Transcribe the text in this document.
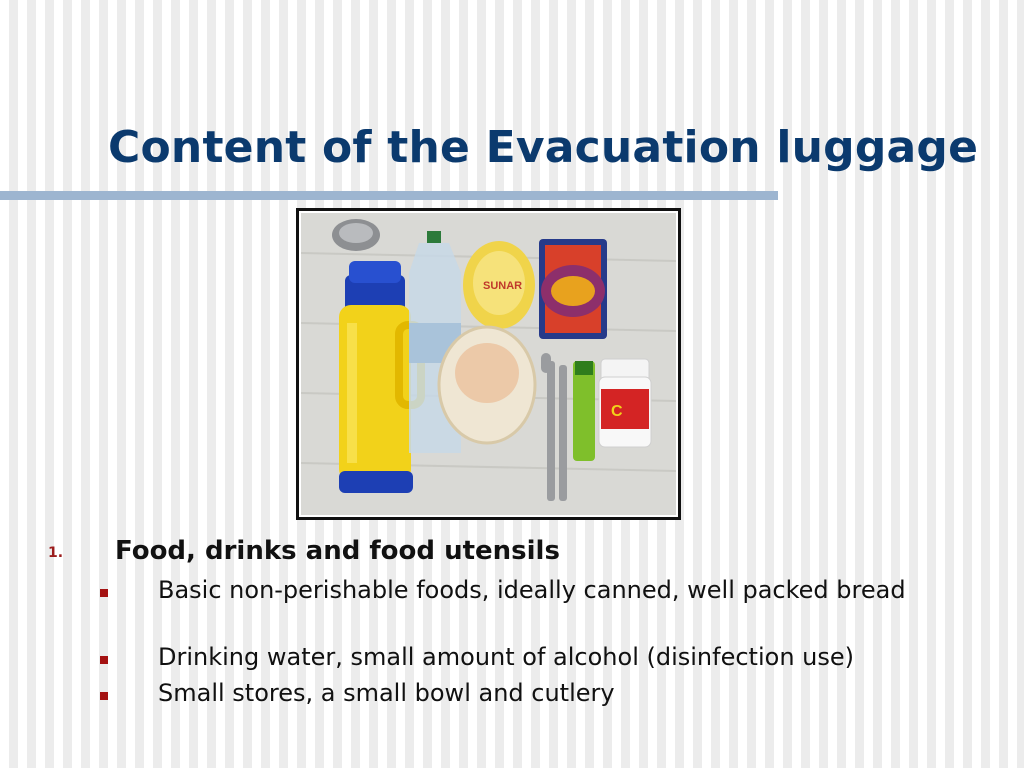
Content of the Evacuation luggage
SUNAR
C
1. Food, drinks and food utensils
Basic non-perishable foods, ideally canned, well packed bread
Drinking water, small amount of alcohol (disinfection use)
Small stores, a small bowl and cutlery
